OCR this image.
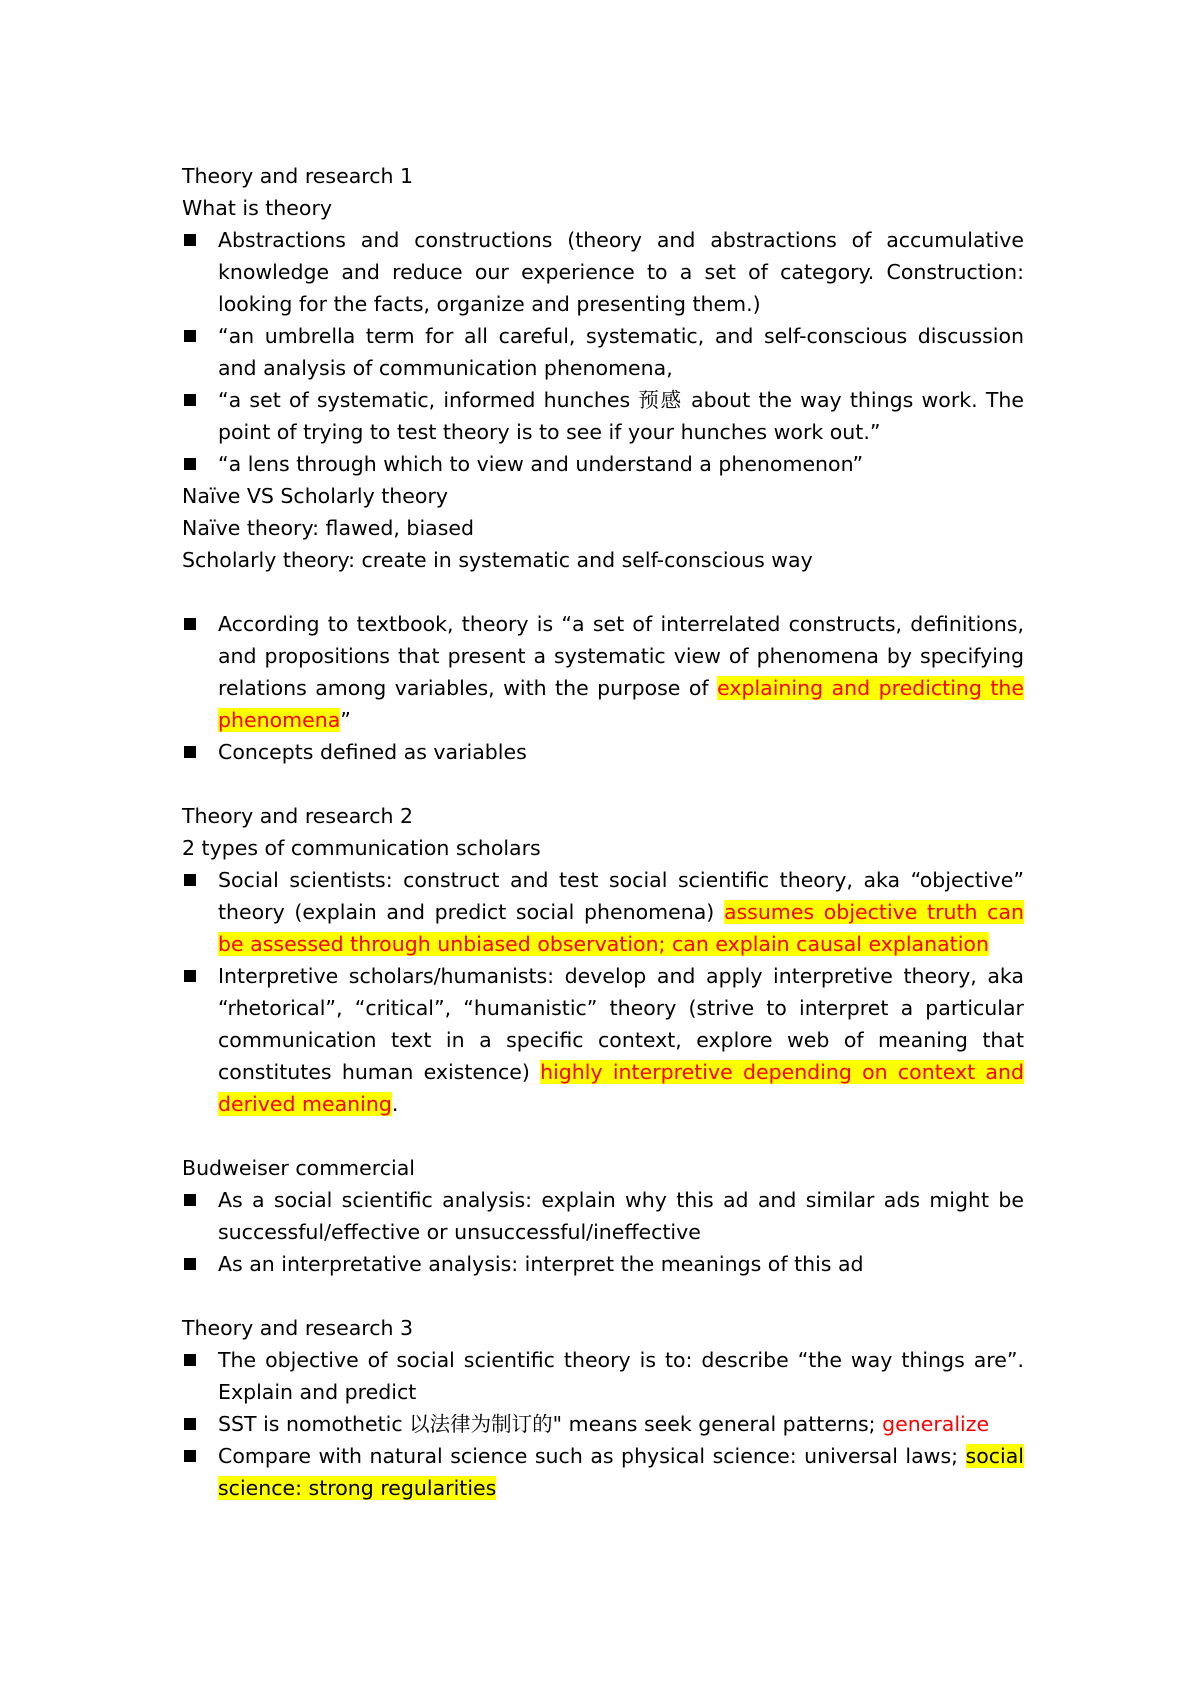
Theory and research 1
What is theory
Abstractions and constructions (theory and abstractions of accumulative knowledge and reduce our experience to a set of category. Construction: looking for the facts, organize and presenting them.)
“an umbrella term for all careful, systematic, and self-conscious discussion and analysis of communication phenomena,
“a set of systematic, informed hunches 预感 about the way things work. The point of trying to test theory is to see if your hunches work out.”
“a lens through which to view and understand a phenomenon”
Naïve VS Scholarly theory
Naïve theory: flawed, biased
Scholarly theory: create in systematic and self-conscious way
According to textbook, theory is “a set of interrelated constructs, definitions, and propositions that present a systematic view of phenomena by specifying relations among variables, with the purpose of explaining and predicting the phenomena”
Concepts defined as variables
Theory and research 2
2 types of communication scholars
Social scientists: construct and test social scientific theory, aka “objective” theory (explain and predict social phenomena) assumes objective truth can be assessed through unbiased observation; can explain causal explanation
Interpretive scholars/humanists: develop and apply interpretive theory, aka “rhetorical”, “critical”, “humanistic” theory (strive to interpret a particular communication text in a specific context, explore web of meaning that constitutes human existence) highly interpretive depending on context and derived meaning.
Budweiser commercial
As a social scientific analysis: explain why this ad and similar ads might be successful/effective or unsuccessful/ineffective
As an interpretative analysis: interpret the meanings of this ad
Theory and research 3
The objective of social scientific theory is to: describe “the way things are”. Explain and predict
SST is nomothetic 以法律为制订的" means seek general patterns; generalize
Compare with natural science such as physical science: universal laws; social science: strong regularities
